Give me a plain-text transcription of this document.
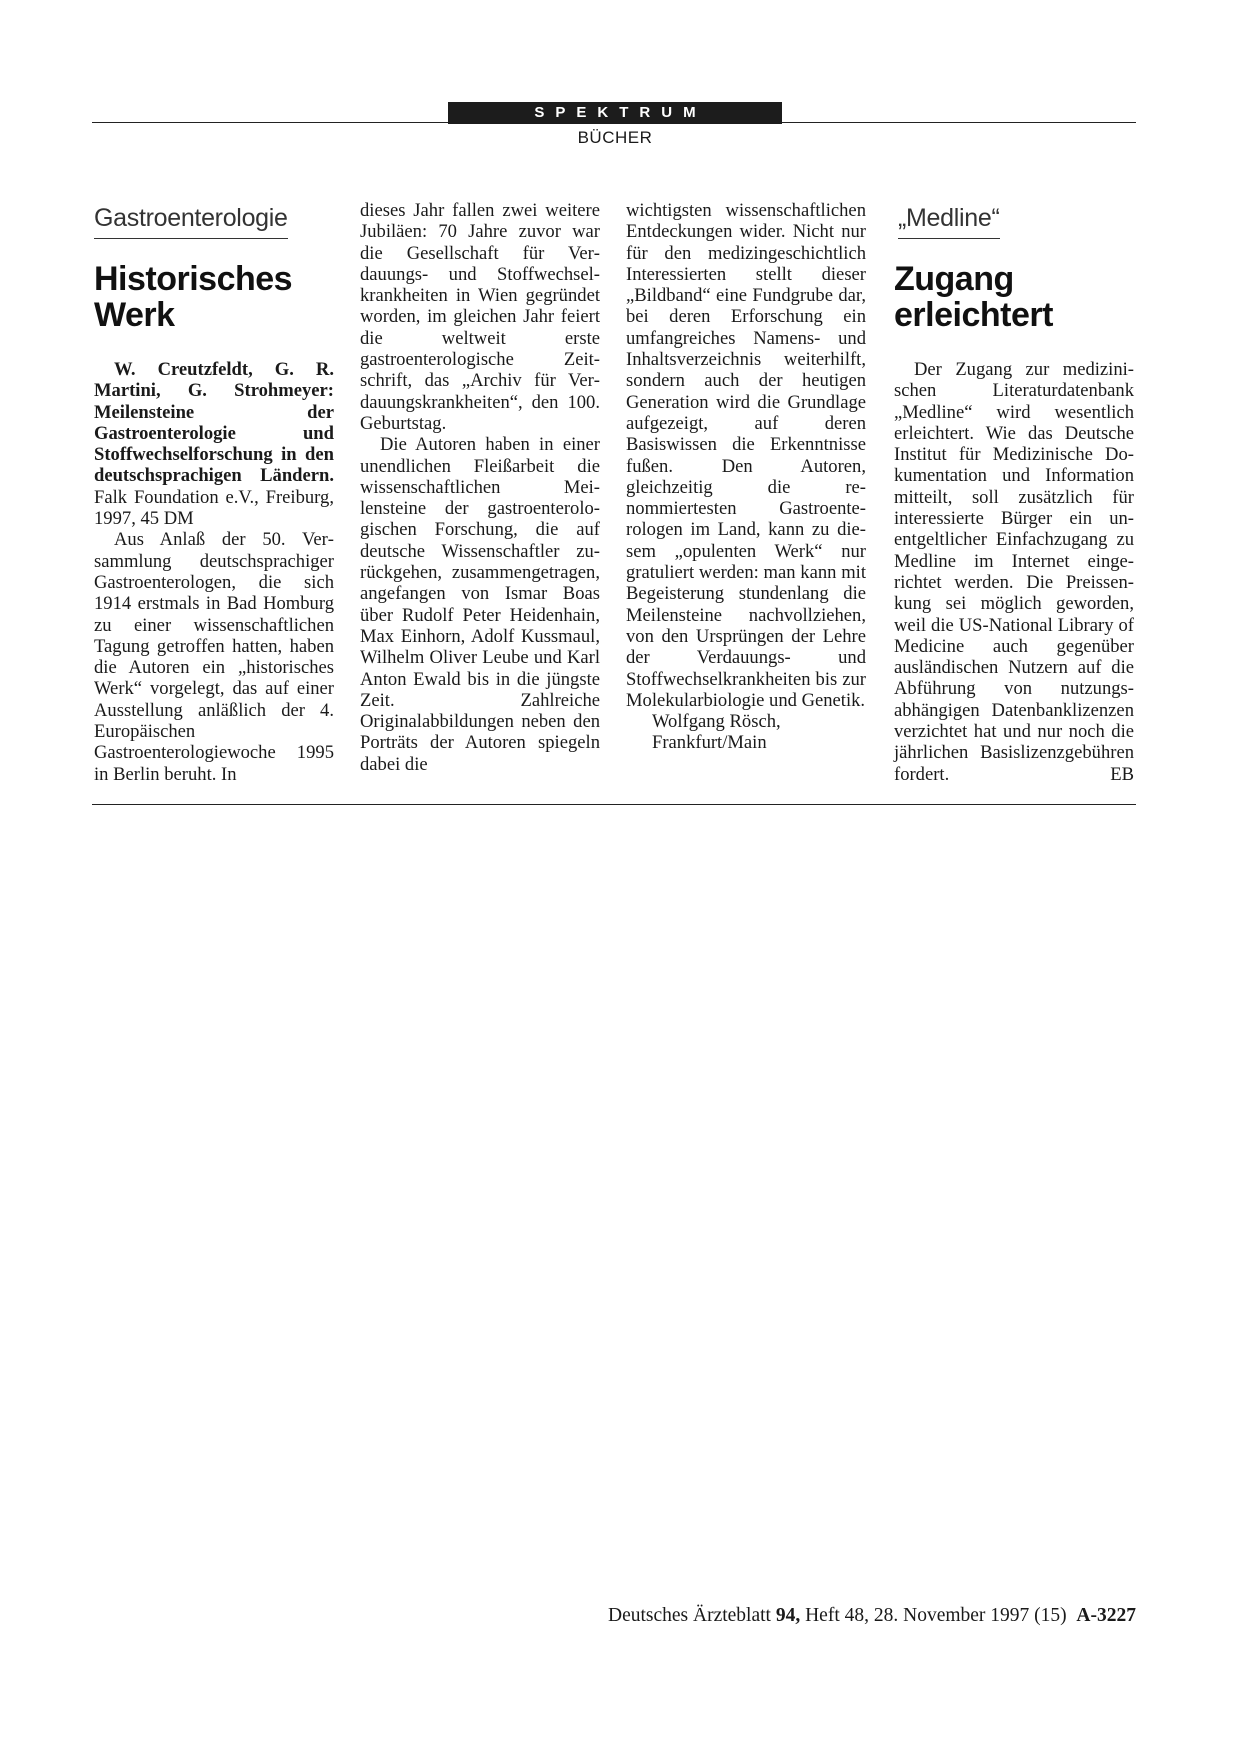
SPEKTRUM
BÜCHER
Gastroenterologie
Historisches
Werk

W. Creutzfeldt, G. R. Martini, G. Strohmeyer: Meilensteine der Gastroenterologie und Stoffwechselforschung in den deutschsprachigen Ländern. Falk Foundation e.V., Freiburg, 1997, 45 DM

Aus Anlaß der 50. Versammlung deutschsprachiger Gastroenterologen, die sich 1914 erstmals in Bad Homburg zu einer wissenschaftlichen Tagung getroffen hatten, haben die Autoren ein „historisches Werk“ vorgelegt, das auf einer Ausstellung anläßlich der 4. Europäischen Gastroenterologiewoche 1995 in Berlin beruht. In

dieses Jahr fallen zwei weitere Jubiläen: 70 Jahre zuvor war die Gesellschaft für Verdauungs- und Stoffwechselkrankheiten in Wien gegründet worden, im gleichen Jahr feiert die weltweit erste gastroenterologische Zeitschrift, das „Archiv für Verdauungskrankheiten“, den 100. Geburtstag.

Die Autoren haben in einer unendlichen Fleißarbeit die wissenschaftlichen Meilensteine der gastroenterologischen Forschung, die auf deutsche Wissenschaftler zurückgehen, zusammengetragen, angefangen von Ismar Boas über Rudolf Peter Heidenhain, Max Einhorn, Adolf Kussmaul, Wilhelm Oliver Leube und Karl Anton Ewald bis in die jüngste Zeit. Zahlreiche Originalabbildungen neben den Porträts der Autoren spiegeln dabei die

wichtigsten wissenschaftlichen Entdeckungen wider. Nicht nur für den medizingeschichtlich Interessierten stellt dieser „Bildband“ eine Fundgrube dar, bei deren Erforschung ein umfangreiches Namens- und Inhaltsverzeichnis weiterhilft, sondern auch der heutigen Generation wird die Grundlage aufgezeigt, auf deren Basiswissen die Erkenntnisse fußen. Den Autoren, gleichzeitig die renommiertesten Gastroenterologen im Land, kann zu diesem „opulenten Werk“ nur gratuliert werden: man kann mit Begeisterung stundenlang die Meilensteine nachvollziehen, von den Ursprüngen der Lehre der Verdauungs- und Stoffwechselkrankheiten bis zur Molekularbiologie und Genetik.

Wolfgang Rösch,

Frankfurt/Main

„Medline“
Zugang
erleichtert

Der Zugang zur medizinischen Literaturdatenbank „Medline“ wird wesentlich erleichtert. Wie das Deutsche Institut für Medizinische Dokumentation und Information mitteilt, soll zusätzlich für interessierte Bürger ein unentgeltlicher Einfachzugang zu Medline im Internet eingerichtet werden. Die Preissenkung sei möglich geworden, weil die US-National Library of Medicine auch gegenüber ausländischen Nutzern auf die Abführung von nutzungsabhängigen Datenbanklizenzen verzichtet hat und nur noch die jährlichen Basislizenzgebühren fordert.	EB

Deutsches Ärzteblatt 94, Heft 48, 28. November 1997 (15) A-3227
